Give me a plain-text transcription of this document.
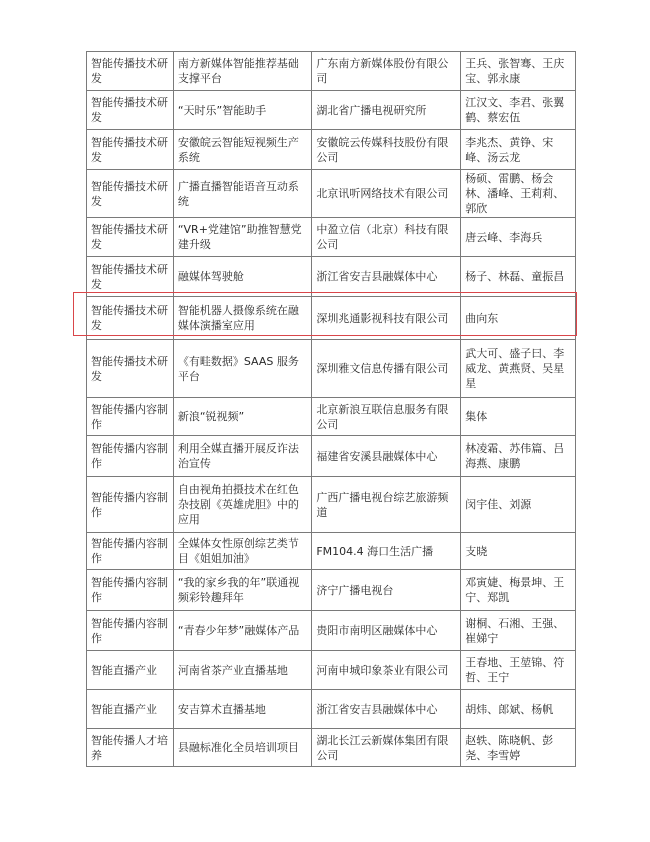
智能传播技术研发	南方新媒体智能推荐基础支撑平台	广东南方新媒体股份有限公司	王兵、张智骞、王庆宝、郭永康
智能传播技术研发	“天时乐”智能助手	湖北省广播电视研究所	江汉文、李君、张翼鹤、蔡宏伍
智能传播技术研发	安徽皖云智能短视频生产系统	安徽皖云传媒科技股份有限公司	李兆杰、黄铮、宋峰、汤云龙
智能传播技术研发	广播直播智能语音互动系统	北京讯听网络技术有限公司	杨硕、雷鹏、杨会林、潘峰、王莉莉、郭欣
智能传播技术研发	“VR+党建馆”助推智慧党建升级	中盈立信（北京）科技有限公司	唐云峰、李海兵
智能传播技术研发	融媒体驾驶舱	浙江省安吉县融媒体中心	杨子、林磊、童振昌
智能传播技术研发	智能机器人摄像系统在融媒体演播室应用	深圳兆通影视科技有限公司	曲向东
智能传播技术研发	《有畦数据》SAAS 服务平台	深圳雅文信息传播有限公司	武大可、盛子曰、李威龙、黄燕贤、吴星星
智能传播内容制作	新浪“锐视频”	北京新浪互联信息服务有限公司	集体
智能传播内容制作	利用全媒直播开展反诈法治宣传	福建省安溪县融媒体中心	林凌霜、苏伟篇、吕海燕、康鹏
智能传播内容制作	自由视角拍摄技术在红色杂技剧《英雄虎胆》中的应用	广西广播电视台综艺旅游频道	闵宇佳、刘源
智能传播内容制作	全媒体女性原创综艺类节目《姐姐加油》	FM104.4 海口生活广播	支晓
智能传播内容制作	“我的家乡我的年”联通视频彩铃趣拜年	济宁广播电视台	邓寅婕、梅景坤、王宁、郑凯
智能传播内容制作	“青春少年梦”融媒体产品	贵阳市南明区融媒体中心	谢桐、石湘、王强、崔娣宁
智能直播产业	河南省茶产业直播基地	河南申城印象茶业有限公司	王春地、王堃锦、符哲、王宁
智能直播产业	安吉算术直播基地	浙江省安吉县融媒体中心	胡炜、郎斌、杨帆
智能传播人才培养	县融标准化全员培训项目	湖北长江云新媒体集团有限公司	赵轶、陈晓帆、彭尧、李雪婷
